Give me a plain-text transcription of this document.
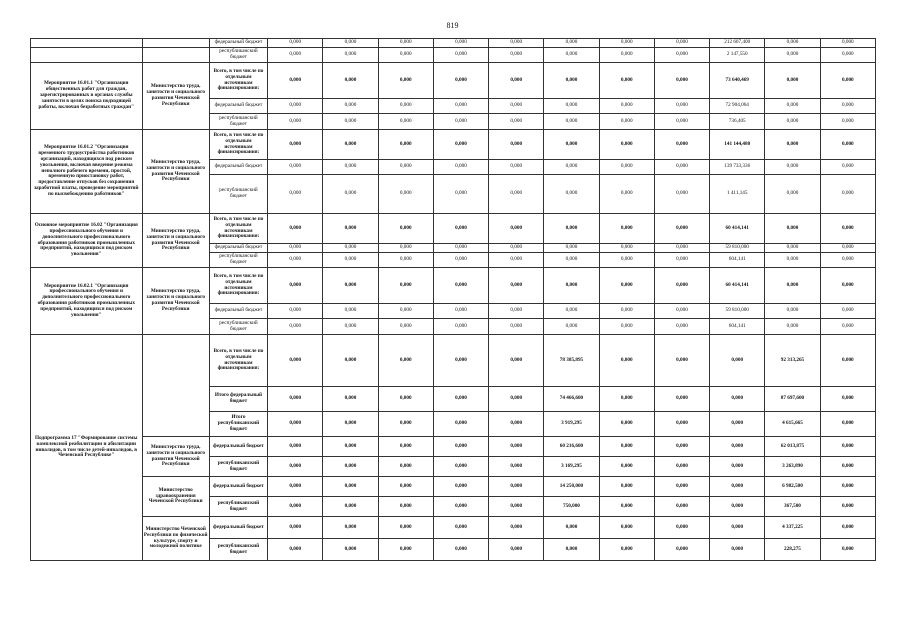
819
		федеральный бюджет	0,000	0,000	0,000	0,000	0,000	0,000	0,000	0,000	212 607,400	0,000	0,000
		республиканский бюджет	0,000	0,000	0,000	0,000	0,000	0,000	0,000	0,000	2 147,550	0,000	0,000
Мероприятие 16.01.1 "Организация общественных работ для граждан, зарегистрированных в органах службы занятости в целях поиска подходящей работы, включая безработных граждан"	Министерство труда, занятости и социального развития Чеченской Республики	Всего, в том числе по отдельным источникам финансирования:	0,000	0,000	0,000	0,000	0,000	0,000	0,000	0,000	73 640,469	0,000	0,000
		федеральный бюджет	0,000	0,000	0,000	0,000	0,000	0,000	0,000	0,000	72 904,064	0,000	0,000
		республиканский бюджет	0,000	0,000	0,000	0,000	0,000	0,000	0,000	0,000	736,405	0,000	0,000
Мероприятие 16.01.2 "Организация временного трудоустройства работников организаций, находящихся под риском увольнения, включая введение режима неполного рабочего времени, простой, временную приостановку работ, предоставление отпусков без сохранения заработной платы, проведение мероприятий по высвобождению работников"	Министерство труда, занятости и социального развития Чеченской Республики	Всего, в том числе по отдельным источникам финансирования:	0,000	0,000	0,000	0,000	0,000	0,000	0,000	0,000	141 144,480	0,000	0,000
		федеральный бюджет	0,000	0,000	0,000	0,000	0,000	0,000	0,000	0,000	139 733,336	0,000	0,000
		республиканский бюджет	0,000	0,000	0,000	0,000	0,000	0,000	0,000	0,000	1 411,145	0,000	0,000
Основное мероприятие 16.02 "Организация профессионального обучения и дополнительного профессионального образования работников промышленных предприятий, находящихся под риском увольнения"	Министерство труда, занятости и социального развития Чеченской Республики	Всего, в том числе по отдельным источникам финансирования:	0,000	0,000	0,000	0,000	0,000	0,000	0,000	0,000	60 414,141	0,000	0,000
		федеральный бюджет	0,000	0,000	0,000	0,000	0,000	0,000	0,000	0,000	59 810,000	0,000	0,000
		республиканский бюджет	0,000	0,000	0,000	0,000	0,000	0,000	0,000	0,000	604,141	0,000	0,000
Мероприятие 16.02.1 "Организация профессионального обучения и дополнительного профессионального образования работников промышленных предприятий, находящихся под риском увольнения"	Министерство труда, занятости и социального развития Чеченской Республики	Всего, в том числе по отдельным источникам финансирования:	0,000	0,000	0,000	0,000	0,000	0,000	0,000	0,000	60 414,141	0,000	0,000
		федеральный бюджет	0,000	0,000	0,000	0,000	0,000	0,000	0,000	0,000	59 810,000	0,000	0,000
		республиканский бюджет	0,000	0,000	0,000	0,000	0,000	0,000	0,000	0,000	604,141	0,000	0,000
Подпрограмма 17 "Формирование системы комплексной реабилитации и абилитации инвалидов, в том числе детей-инвалидов, в Чеченской Республике"		Всего, в том числе по отдельным источникам финансирования:	0,000	0,000	0,000	0,000	0,000	78 385,895	0,000	0,000	0,000	92 313,265	0,000
		Итого федеральный бюджет	0,000	0,000	0,000	0,000	0,000	74 466,600	0,000	0,000	0,000	87 697,600	0,000
		Итого республиканский бюджет	0,000	0,000	0,000	0,000	0,000	3 919,295	0,000	0,000	0,000	4 615,665	0,000
	Министерство труда, занятости и социального развития Чеченской Республики	федеральный бюджет	0,000	0,000	0,000	0,000	0,000	60 216,600	0,000	0,000	0,000	62 013,875	0,000
		республиканский бюджет	0,000	0,000	0,000	0,000	0,000	3 169,295	0,000	0,000	0,000	3 263,890	0,000
	Министерство здравоохранения Чеченской Республики	федеральный бюджет	0,000	0,000	0,000	0,000	0,000	14 250,000	0,000	0,000	0,000	6 982,500	0,000
		республиканский бюджет	0,000	0,000	0,000	0,000	0,000	750,000	0,000	0,000	0,000	367,500	0,000
	Министерство Чеченской Республики по физической культуре, спорту и молодежной политике	федеральный бюджет	0,000	0,000	0,000	0,000	0,000	0,000	0,000	0,000	0,000	4 337,225	0,000
		республиканский бюджет	0,000	0,000	0,000	0,000	0,000	0,000	0,000	0,000	0,000	228,275	0,000
